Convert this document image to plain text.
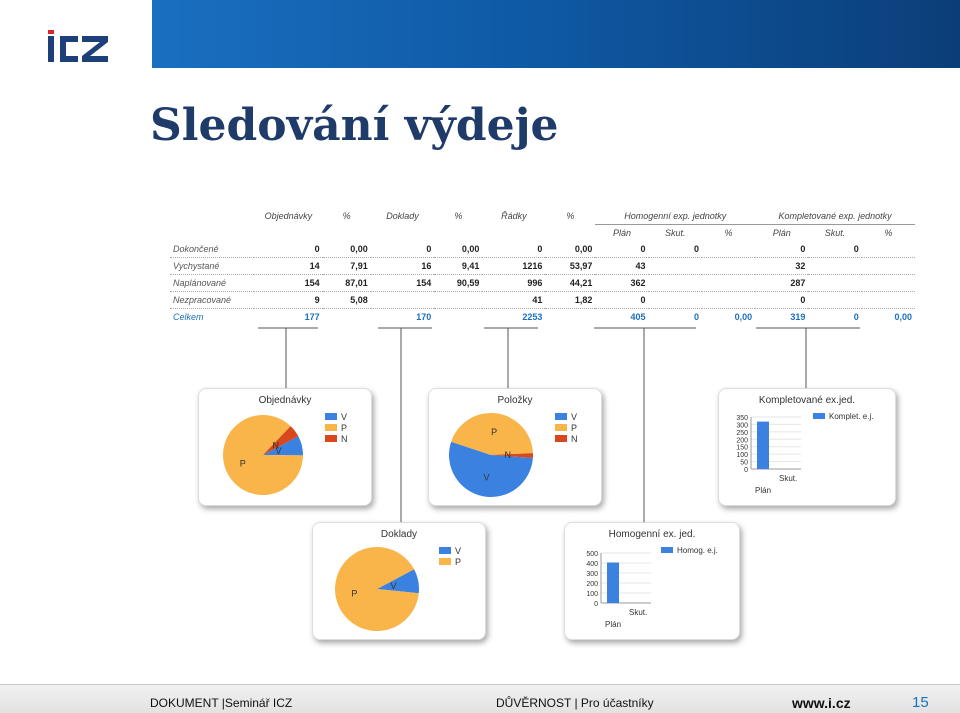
Sledování výdeje
	Objednávky	%	Doklady	%	Řádky	%	Homogenní exp. jednotky			Kompletované exp. jednotky		
							Plán	Skut.	%	Plán	Skut.	%
Dokončené	0	0,00	0	0,00	0	0,00	0	0		0	0	
Vychystané	14	7,91	16	9,41	1216	53,97	43			32		
Naplánované	154	87,01	154	90,59	996	44,21	362			287		
Nezpracované	9	5,08			41	1,82	0			0		
Celkem	177		170		2253		405	0	0,00	319	0	0,00
Objednávky
V
P
N
V
P
N
Položky
V
P
N
V
P
N
Kompletované ex.jed.
350
300
250
200
150
100
50
0
Skut.
Plán
Komplet. e.j.
Doklady
V
P
V
P
Homogenní ex. jed.
500
400
300
200
100
0
Skut.
Plán
Homog. e.j.
DOKUMENT |Seminář ICZ	DŮVĚRNOST | Pro účastníky	www.i.cz	15
